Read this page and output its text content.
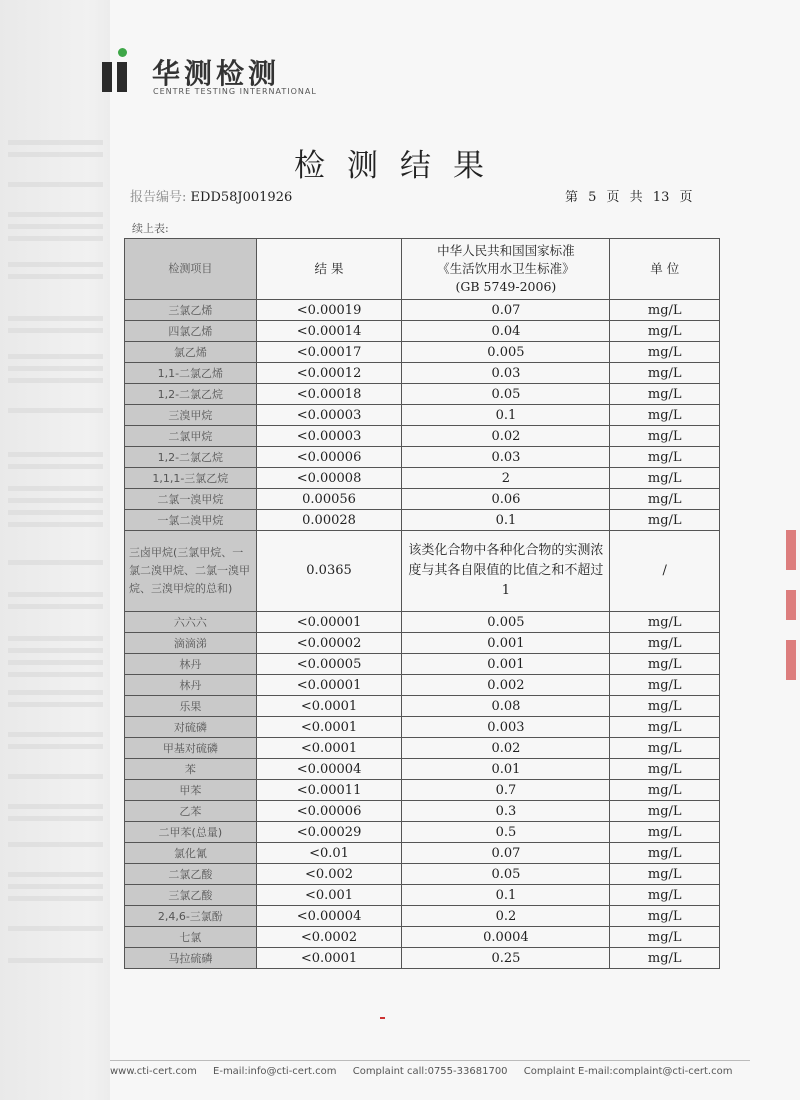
华测检测
CENTRE TESTING INTERNATIONAL
检测结果
报告编号: EDD58J001926	第 5 页 共 13 页
续上表:
检测项目	结 果	中华人民共和国国家标准
《生活饮用水卫生标准》
(GB 5749-2006)	单 位
三氯乙烯	<0.00019	0.07	mg/L
四氯乙烯	<0.00014	0.04	mg/L
氯乙烯	<0.00017	0.005	mg/L
1,1-二氯乙烯	<0.00012	0.03	mg/L
1,2-二氯乙烷	<0.00018	0.05	mg/L
三溴甲烷	<0.00003	0.1	mg/L
二氯甲烷	<0.00003	0.02	mg/L
1,2-二氯乙烷	<0.00006	0.03	mg/L
1,1,1-三氯乙烷	<0.00008	2	mg/L
二氯一溴甲烷	0.00056	0.06	mg/L
一氯二溴甲烷	0.00028	0.1	mg/L
三卤甲烷(三氯甲烷、一氯二溴甲烷、二氯一溴甲烷、三溴甲烷的总和)	0.0365	该类化合物中各种化合物的实测浓度与其各自限值的比值之和不超过 1	/
六六六	<0.00001	0.005	mg/L
滴滴涕	<0.00002	0.001	mg/L
林丹	<0.00005	0.001	mg/L
林丹	<0.00001	0.002	mg/L
乐果	<0.0001	0.08	mg/L
对硫磷	<0.0001	0.003	mg/L
甲基对硫磷	<0.0001	0.02	mg/L
苯	<0.00004	0.01	mg/L
甲苯	<0.00011	0.7	mg/L
乙苯	<0.00006	0.3	mg/L
二甲苯(总量)	<0.00029	0.5	mg/L
氯化氰	<0.01	0.07	mg/L
二氯乙酸	<0.002	0.05	mg/L
三氯乙酸	<0.001	0.1	mg/L
2,4,6-三氯酚	<0.00004	0.2	mg/L
七氯	<0.0002	0.0004	mg/L
马拉硫磷	<0.0001	0.25	mg/L
www.cti-cert.com E-mail:info@cti-cert.com Complaint call:0755-33681700 Complaint E-mail:complaint@cti-cert.com
